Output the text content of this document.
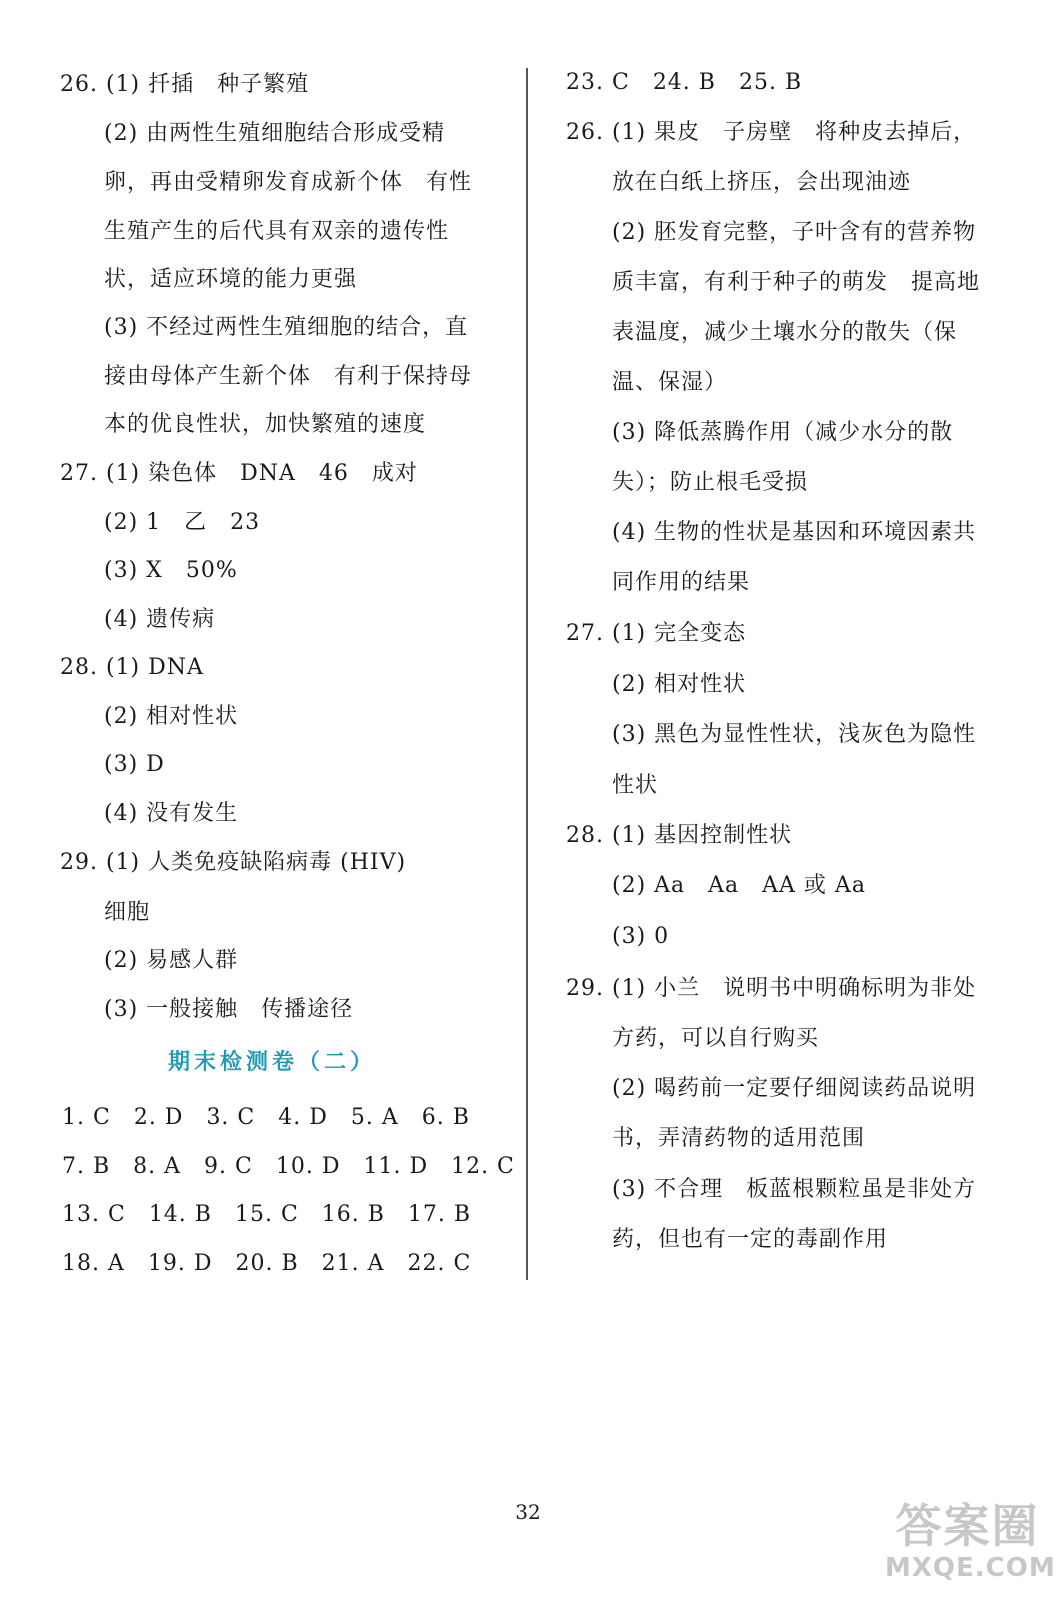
26. (1) 扦插　种子繁殖
(2) 由两性生殖细胞结合形成受精
卵，再由受精卵发育成新个体　有性
生殖产生的后代具有双亲的遗传性
状，适应环境的能力更强
(3) 不经过两性生殖细胞的结合，直
接由母体产生新个体　有利于保持母
本的优良性状，加快繁殖的速度
27. (1) 染色体　DNA　46　成对
(2) 1　乙　23
(3) X　50%
(4) 遗传病
28. (1) DNA
(2) 相对性状
(3) D
(4) 没有发生
29. (1) 人类免疫缺陷病毒 (HIV)
细胞
(2) 易感人群
(3) 一般接触　传播途径
期末检测卷（二）
1. C　2. D　3. C　4. D　5. A　6. B
7. B　8. A　9. C　10. D　11. D　12. C
13. C　14. B　15. C　16. B　17. B
18. A　19. D　20. B　21. A　22. C
23. C　24. B　25. B
26. (1) 果皮　子房壁　将种皮去掉后，
放在白纸上挤压，会出现油迹
(2) 胚发育完整，子叶含有的营养物
质丰富，有利于种子的萌发　提高地
表温度，减少土壤水分的散失（保
温、保湿）
(3) 降低蒸腾作用（减少水分的散
失）；防止根毛受损
(4) 生物的性状是基因和环境因素共
同作用的结果
27. (1) 完全变态
(2) 相对性状
(3) 黑色为显性性状，浅灰色为隐性
性状
28. (1) 基因控制性状
(2) Aa　Aa　AA 或 Aa
(3) 0
29. (1) 小兰　说明书中明确标明为非处
方药，可以自行购买
(2) 喝药前一定要仔细阅读药品说明
书，弄清药物的适用范围
(3) 不合理　板蓝根颗粒虽是非处方
药，但也有一定的毒副作用
32	答案圈
MXQE.COM
